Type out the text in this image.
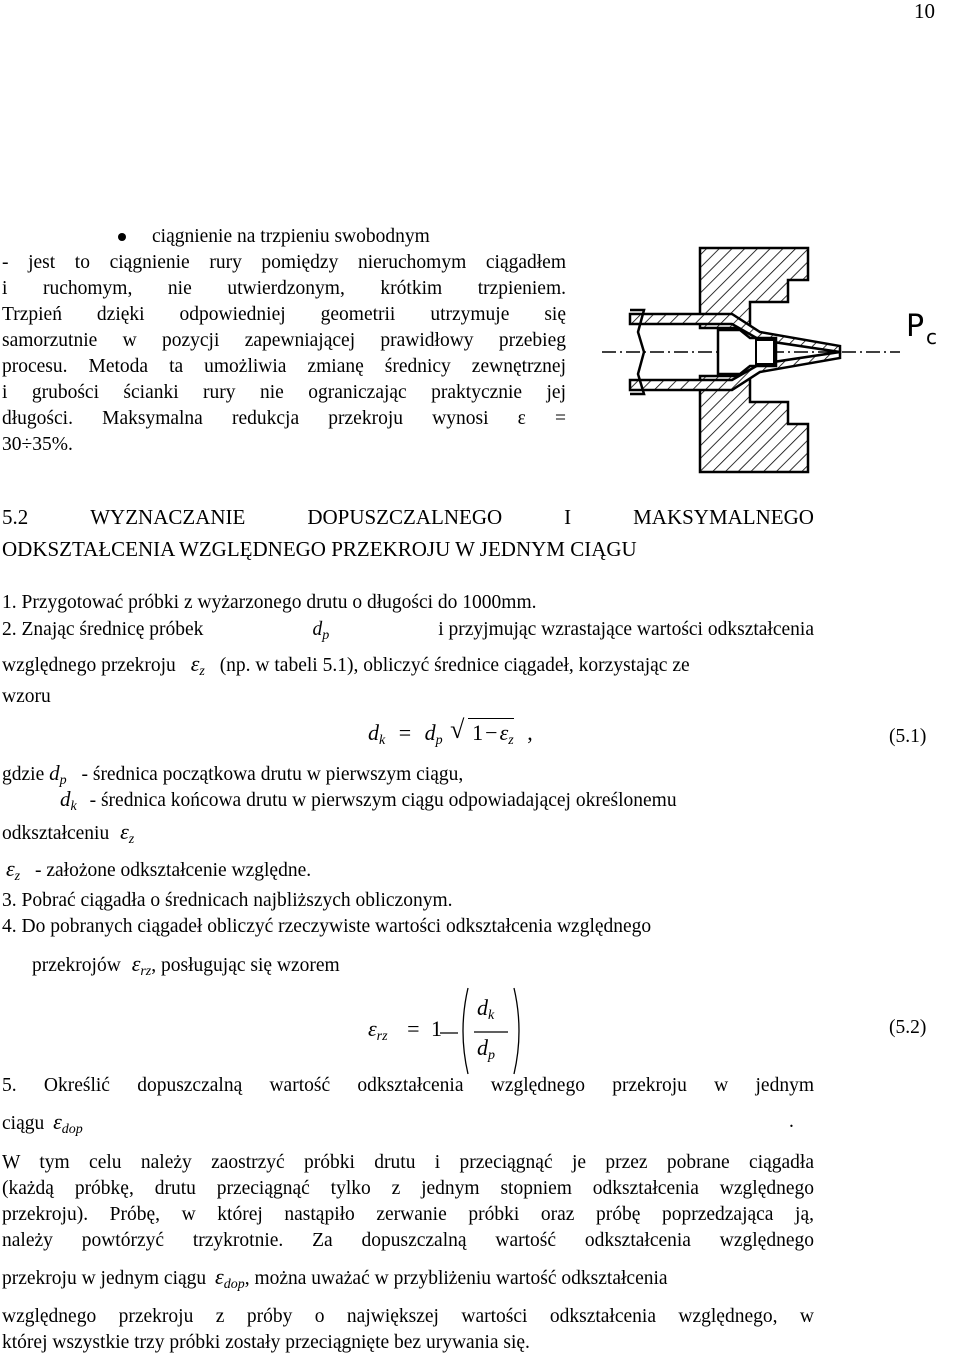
10
ciągnienie na trzpieniu swobodnym
- jest to ciągnienie rury pomiędzy nieruchomym ciągadłem
i ruchomym, nie utwierdzonym, krótkim trzpieniem.
Trzpień dzięki odpowiedniej geometrii utrzymuje się
samorzutnie w pozycji zapewniającej prawidłowy przebieg
procesu. Metoda ta umożliwia zmianę średnicy zewnętrznej
i grubości ścianki rury nie ograniczając praktycznie jej
długości. Maksymalna redukcja przekroju wynosi ε =
30÷35%.
P c
5.2	WYZNACZANIE	DOPUSZCZALNEGO	I	MAKSYMALNEGO
ODKSZTAŁCENIA WZGLĘDNEGO PRZEKROJU W JEDNYM CIĄGU
1. Przygotować próbki z wyżarzonego drutu o długości do 1000mm.
2. Znając średnicę próbek	$d_p$	i przyjmując wzrastające wartości odkształcenia
względnego przekroju $\varepsilon_z$ (np. w tabeli 5.1), obliczyć średnice ciągadeł, korzystając ze
wzoru
$d_k = d_p$ √ $1-\varepsilon_z$ ,	(5.1)
gdzie $d_p$ - średnica początkowa drutu w pierwszym ciągu,
$d_k$ - średnica końcowa drutu w pierwszym ciągu odpowiadającej określonemu
odkształceniu $\varepsilon_z$
$\varepsilon_z$ - założone odkształcenie względne.
3. Pobrać ciągadła o średnicach najbliższych obliczonym.
4. Do pobranych ciągadeł obliczyć rzeczywiste wartości odkształcenia względnego
przekrojów $\varepsilon_{rz}$, posługując się wzorem
$\varepsilon_{rz} = 1$
$d_k$
$d_p$
(5.2)
5. Określić dopuszczalną wartość odkształcenia względnego przekroju w jednym
ciągu $\varepsilon_{dop}$	.
W tym celu należy zaostrzyć próbki drutu i przeciągnąć je przez pobrane ciągadła
(każdą próbkę, drutu przeciągnąć tylko z jednym stopniem odkształcenia względnego
przekroju). Próbę, w której nastąpiło zerwanie próbki oraz próbę poprzedzająca ją,
należy powtórzyć trzykrotnie. Za dopuszczalną wartość odkształcenia względnego
przekroju w jednym ciągu $\varepsilon_{dop}$, można uważać w przybliżeniu wartość odkształcenia
względnego przekroju z próby o największej wartości odkształcenia względnego, w
której wszystkie trzy próbki zostały przeciągnięte bez urywania się.
